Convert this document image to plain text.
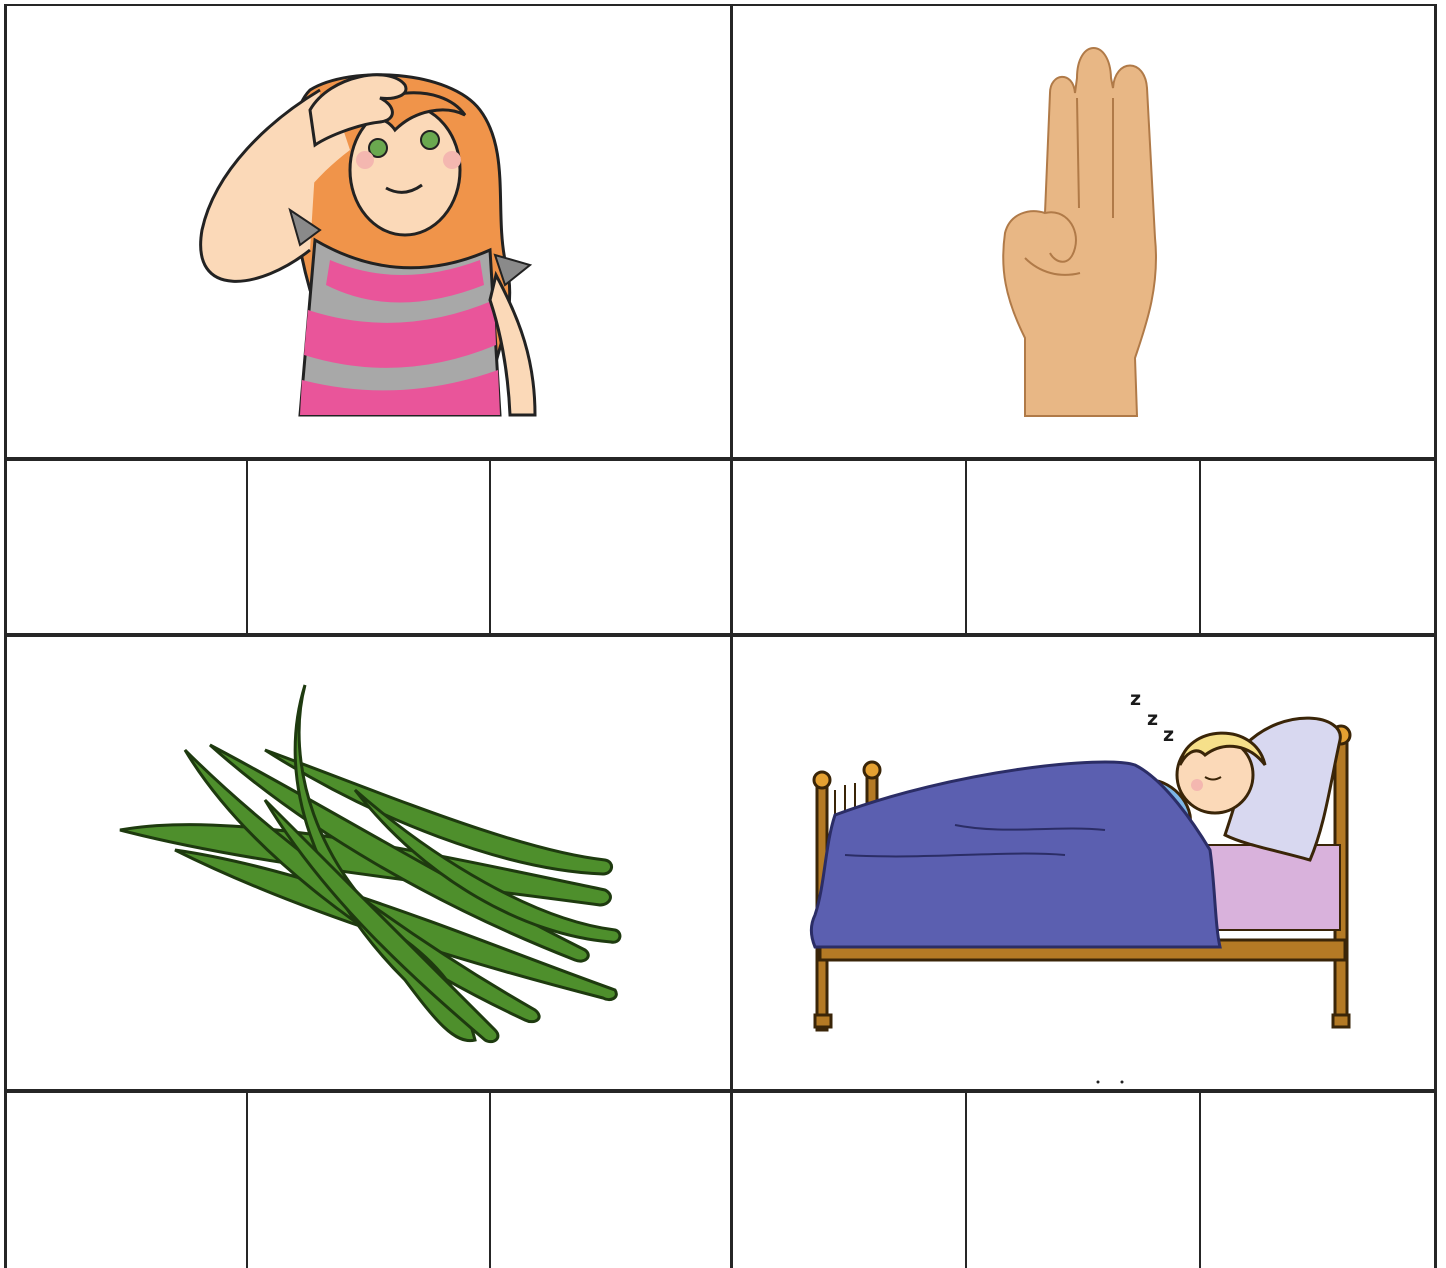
z
z
z
